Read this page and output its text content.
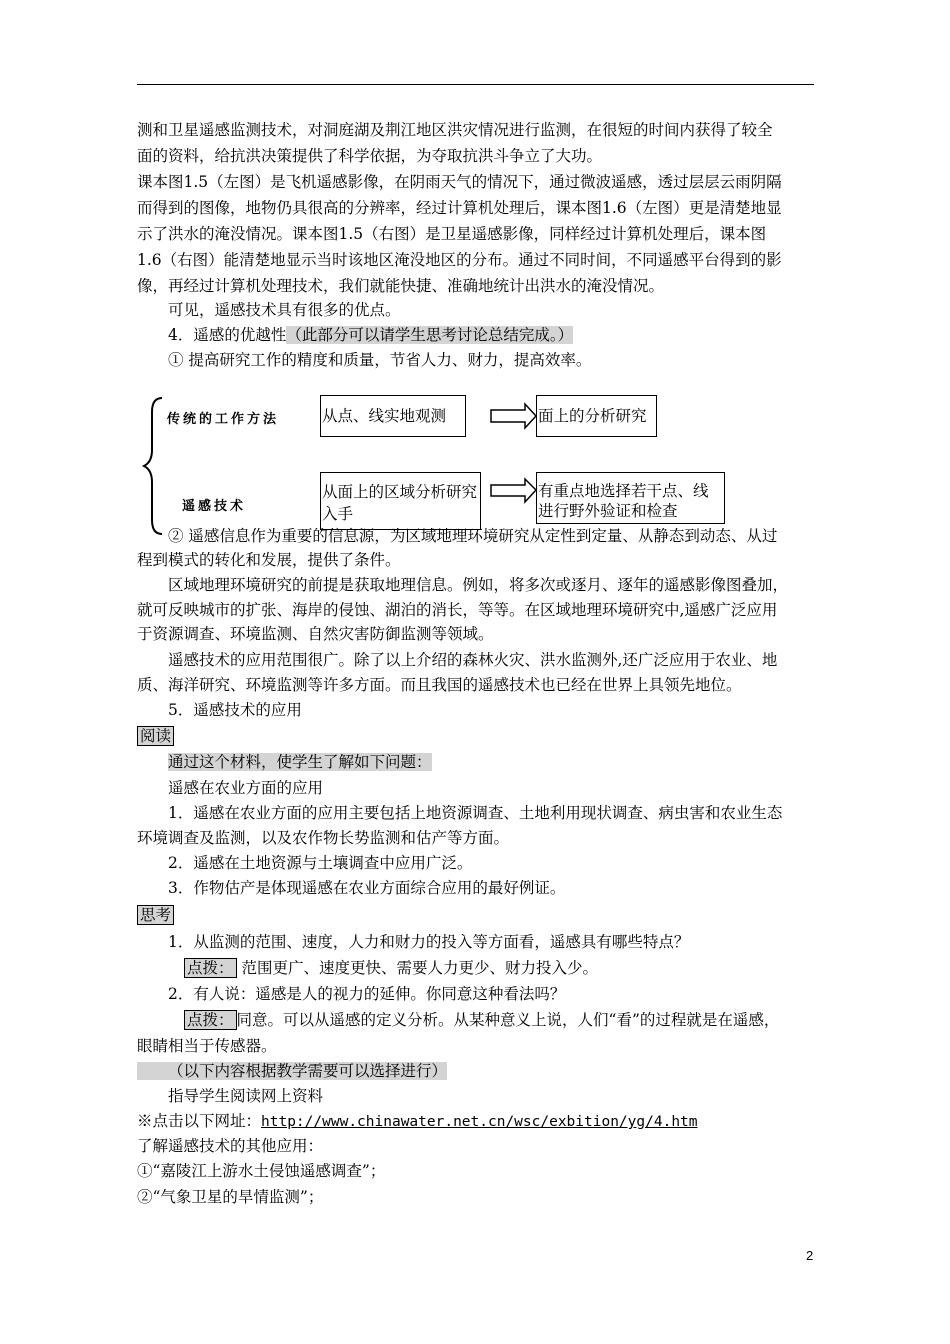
测和卫星遥感监测技术，对洞庭湖及荆江地区洪灾情况进行监测，在很短的时间内获得了较全
面的资料，给抗洪决策提供了科学依据，为夺取抗洪斗争立了大功。
课本图1.5（左图）是飞机遥感影像，在阴雨天气的情况下，通过微波遥感，透过层层云雨阴隔
而得到的图像，地物仍具很高的分辨率，经过计算机处理后，课本图1.6（左图）更是清楚地显
示了洪水的淹没情况。课本图1.5（右图）是卫星遥感影像，同样经过计算机处理后，课本图
1.6（右图）能清楚地显示当时该地区淹没地区的分布。通过不同时间，不同遥感平台得到的影
像，再经过计算机处理技术，我们就能快捷、准确地统计出洪水的淹没情况。
可见，遥感技术具有很多的优点。
4．遥感的优越性（此部分可以请学生思考讨论总结完成。）
① 提高研究工作的精度和质量，节省人力、财力，提高效率。
传统的工作方法
遥感技术
从点、线实地观测	面上的分析研究
从面上的区域分析研究入手
有重点地选择若干点、线进行野外验证和检查
② 遥感信息作为重要的信息源，为区域地理环境研究从定性到定量、从静态到动态、从过
程到模式的转化和发展，提供了条件。
区域地理环境研究的前提是获取地理信息。例如，将多次或逐月、逐年的遥感影像图叠加，
就可反映城市的扩张、海岸的侵蚀、湖泊的消长，等等。在区域地理环境研究中,遥感广泛应用
于资源调查、环境监测、自然灾害防御监测等领域。
遥感技术的应用范围很广。除了以上介绍的森林火灾、洪水监测外,还广泛应用于农业、地
质、海洋研究、环境监测等许多方面。而且我国的遥感技术也已经在世界上具领先地位。
5．遥感技术的应用
阅读
通过这个材料，使学生了解如下问题：
遥感在农业方面的应用
1．遥感在农业方面的应用主要包括上地资源调查、土地利用现状调查、病虫害和农业生态
环境调查及监测，以及农作物长势监测和估产等方面。
2．遥感在土地资源与土壤调查中应用广泛。
3．作物估产是体现遥感在农业方面综合应用的最好例证。
思考
1．从监测的范围、速度，人力和财力的投入等方面看，遥感具有哪些特点？
点拨： 范围更广、速度更快、需要人力更少、财力投入少。
2．有人说：遥感是人的视力的延伸。你同意这种看法吗？
点拨： 同意。可以从遥感的定义分析。从某种意义上说，人们“看”的过程就是在遥感，
眼睛相当于传感器。
（以下内容根据教学需要可以选择进行）
指导学生阅读网上资料
※点击以下网址：http://www.chinawater.net.cn/wsc/exbition/yg/4.htm
了解遥感技术的其他应用：
①“嘉陵江上游水土侵蚀遥感调查”；
②“气象卫星的旱情监测”；
2
